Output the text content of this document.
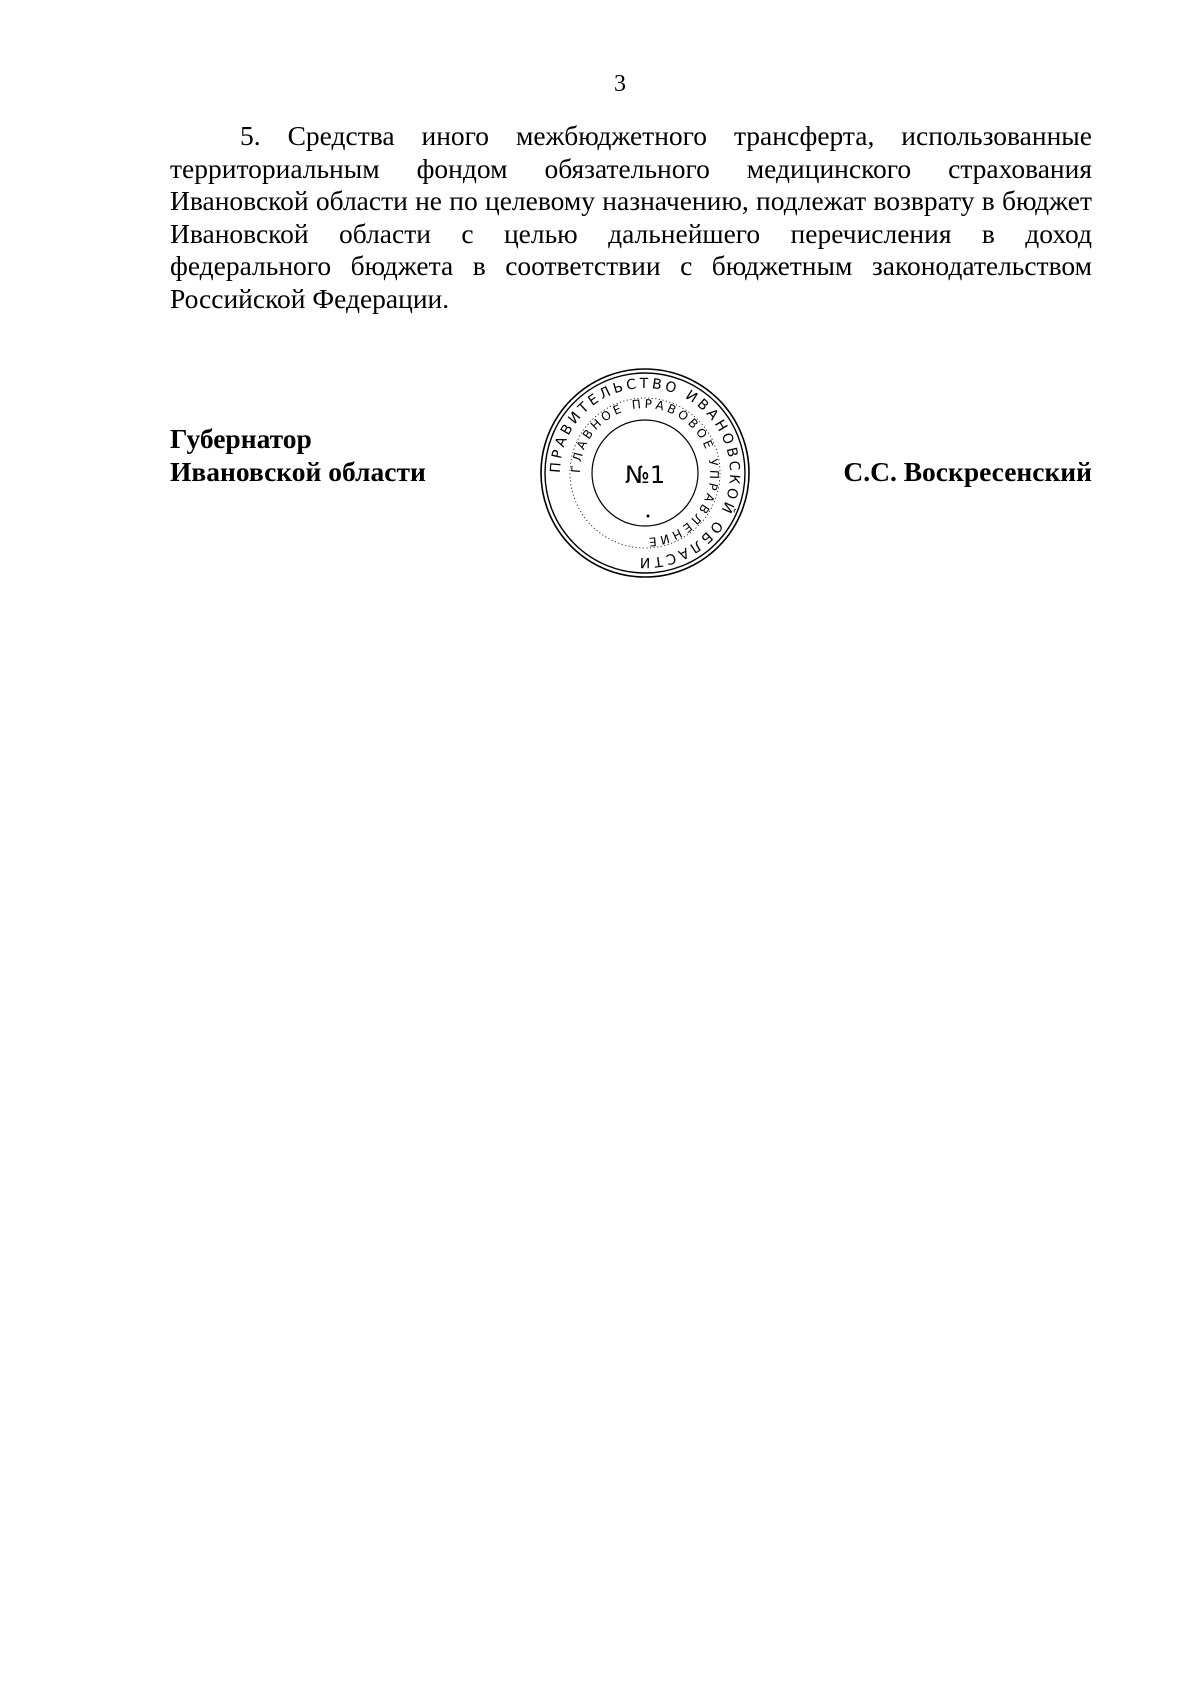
3

5. Средства иного межбюджетного трансферта, использованные территориальным фондом обязательного медицинского страхования Ивановской области не по целевому назначению, подлежат возврату в бюджет Ивановской области с целью дальнейшего перечисления в доход федерального бюджета в соответствии с бюджетным законодательством Российской Федерации.

Губернатор
Ивановской области	ПРАВИТЕЛЬСТВО ИВАНОВСКОЙ ОБЛАСТИ
ГЛАВНОЕ ПРАВОВОЕ УПРАВЛЕНИЕ
№1	С.С. Воскресенский
